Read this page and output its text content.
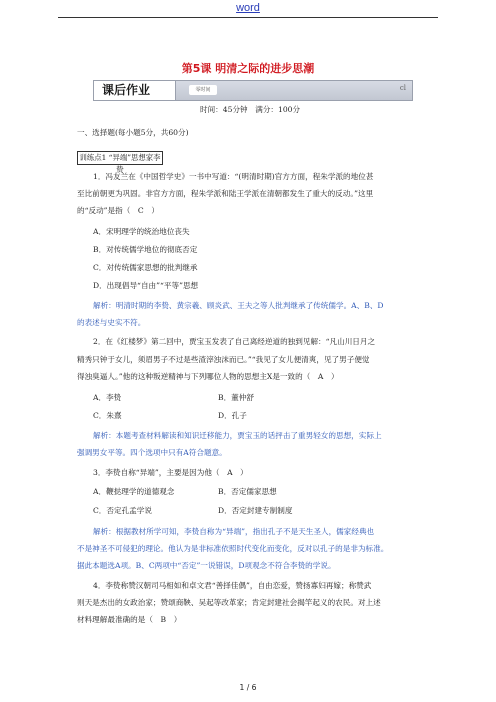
word
第5课 明清之际的进步思潮
课后作业	零时间	cl
时间：45分钟　满分：100分
一、选择题(每小题5分，共60分)
训练点1 “异端”思想家李贽
1．冯友兰在《中国哲学史》一书中写道：“(明清时期)官方方面，程朱学派的地位甚
至比前朝更为巩固。非官方方面，程朱学派和陆王学派在清朝都发生了重大的反动。”这里
的“反动”是指（　C　）
A．宋明理学的统治地位丧失
B．对传统儒学地位的彻底否定
C．对传统儒家思想的批判继承
D．出现倡导“自由”“平等”思想
解析：明清时期的李贽、黄宗羲、顾炎武、王夫之等人批判继承了传统儒学。A、B、D
的表述与史实不符。
2．在《红楼梦》第二回中，贾宝玉发表了自己离经逆道的独到见解：“凡山川日月之
精秀只钟于女儿，须眉男子不过是些渣滓浊沫而已。”“我见了女儿便清爽，见了男子便觉
得浊臭逼人。”他的这种叛逆精神与下列哪位人物的思想主X是一致的（　A　）
A．李贽	B．董仲舒
C．朱熹	D．孔子
解析：本题考查材料解读和知识迁移能力，贾宝玉的话抨击了重男轻女的思想，实际上
强调男女平等。四个选项中只有A符合题意。
3．李贽自称“异端”，主要是因为他（　A　）
A．鞭挞理学的道德观念	B．否定儒家思想
C．否定孔孟学说	D．否定封建专制制度
解析：根据教材所学可知，李贽自称为“异端”，指出孔子不是天生圣人，儒家经典也
不是神圣不可侵犯的理论。他认为是非标准依照时代变化而变化，反对以孔子的是非为标准。
据此本题选A项。B、C两项中“否定”一说错误，D项观念不符合李贽的学说。
4．李贽称赞汉朝司马相如和卓文君“善择佳偶”，自由恋爱，赞扬寡妇再嫁；称赞武
则天是杰出的女政治家；赞颂商鞅、吴起等改革家；肯定封建社会揭竿起义的农民。对上述
材料理解最准确的是（　B　）
1 / 6
